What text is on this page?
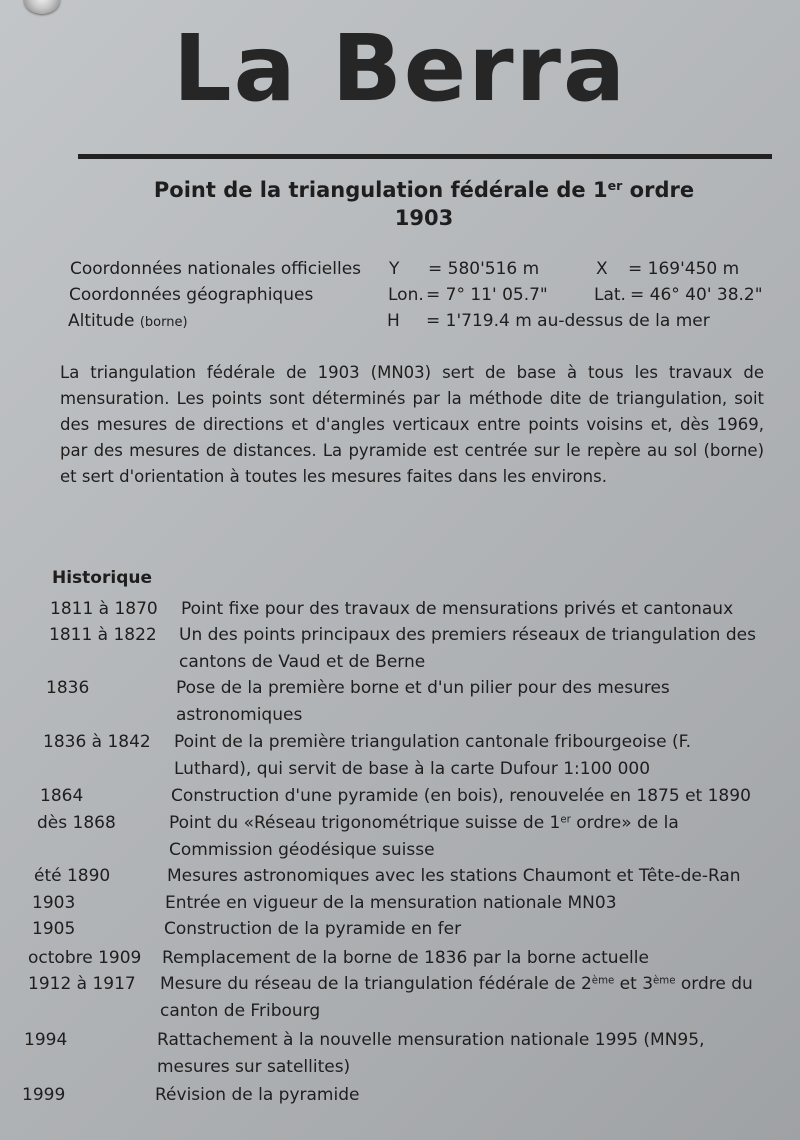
La Berra
Point de la triangulation fédérale de 1er ordre
1903
Coordonnées nationales officielles Y = 580'516 m	X = 169'450 m
Coordonnées géographiques	Lon. = 7° 11' 05.7"	Lat. = 46° 40' 38.2"
Altitude (borne)	H = 1'719.4 m au-dessus de la mer
La triangulation fédérale de 1903 (MN03) sert de base à tous les travaux de mensuration. Les points sont déterminés par la méthode dite de triangulation, soit des mesures de directions et d'angles verticaux entre points voisins et, dès 1969, par des mesures de distances. La pyramide est centrée sur le repère au sol (borne) et sert d'orientation à toutes les mesures faites dans les environs.
Historique
1811 à 1870 Point fixe pour des travaux de mensurations privés et cantonaux
1811 à 1822 Un des points principaux des premiers réseaux de triangulation des cantons de Vaud et de Berne
1836	Pose de la première borne et d'un pilier pour des mesures astronomiques
1836 à 1842 Point de la première triangulation cantonale fribourgeoise (F. Luthard), qui servit de base à la carte Dufour 1:100 000
1864	Construction d'une pyramide (en bois), renouvelée en 1875 et 1890
dès 1868	Point du «Réseau trigonométrique suisse de 1er ordre» de la Commission géodésique suisse
été 1890	Mesures astronomiques avec les stations Chaumont et Tête-de-Ran
1903	Entrée en vigueur de la mensuration nationale MN03
1905	Construction de la pyramide en fer
octobre 1909 Remplacement de la borne de 1836 par la borne actuelle
1912 à 1917 Mesure du réseau de la triangulation fédérale de 2ème et 3ème ordre du canton de Fribourg
1994	Rattachement à la nouvelle mensuration nationale 1995 (MN95, mesures sur satellites)
1999	Révision de la pyramide
